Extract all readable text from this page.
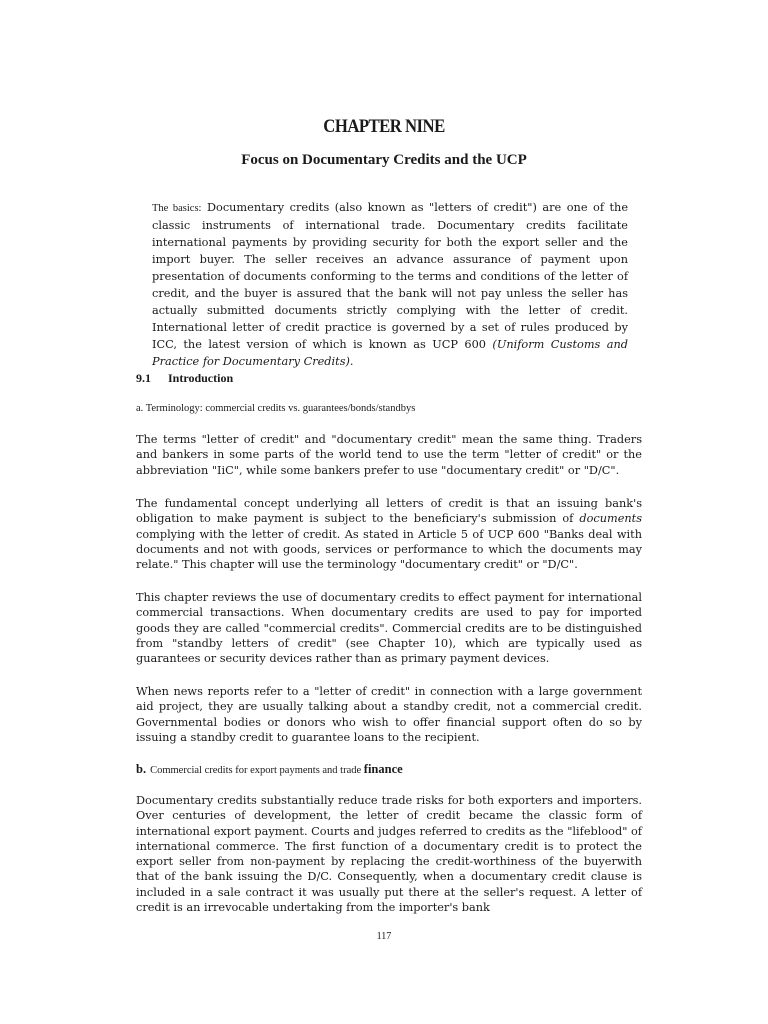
CHAPTER NINE
Focus on Documentary Credits and the UCP
The basics: Documentary credits (also known as "letters of credit") are one of the classic instruments of international trade. Documentary credits facilitate international payments by providing security for both the export seller and the import buyer. The seller receives an advance assurance of payment upon presentation of documents conforming to the terms and conditions of the letter of credit, and the buyer is assured that the bank will not pay unless the seller has actually submitted documents strictly complying with the letter of credit. International letter of credit practice is governed by a set of rules produced by ICC, the latest version of which is known as UCP 600 (Uniform Customs and Practice for Documentary Credits).
9.1 Introduction
a. Terminology: commercial credits vs. guarantees/bonds/standbys
The terms "letter of credit" and "documentary credit" mean the same thing. Traders and bankers in some parts of the world tend to use the term "letter of credit" or the abbreviation "IiC", while some bankers prefer to use "documentary credit" or "D/C".
The fundamental concept underlying all letters of credit is that an issuing bank's obligation to make payment is subject to the beneficiary's submission of documents complying with the letter of credit. As stated in Article 5 of UCP 600 "Banks deal with documents and not with goods, services or performance to which the documents may relate." This chapter will use the terminology "documentary credit" or "D/C".
This chapter reviews the use of documentary credits to effect payment for international commercial transactions. When documentary credits are used to pay for imported goods they are called "commercial credits". Commercial credits are to be distinguished from "standby letters of credit" (see Chapter 10), which are typically used as guarantees or security devices rather than as primary payment devices.
When news reports refer to a "letter of credit" in connection with a large government aid project, they are usually talking about a standby credit, not a commercial credit. Governmental bodies or donors who wish to offer financial support often do so by issuing a standby credit to guarantee loans to the recipient.
b. Commercial credits for export payments and trade finance
Documentary credits substantially reduce trade risks for both exporters and importers. Over centuries of development, the letter of credit became the classic form of international export payment. Courts and judges referred to credits as the "lifeblood" of international commerce. The first function of a documentary credit is to protect the export seller from non-payment by replacing the credit-worthiness of the buyerwith that of the bank issuing the D/C. Consequently, when a documentary credit clause is included in a sale contract it was usually put there at the seller's request. A letter of credit is an irrevocable undertaking from the importer's bank
117
